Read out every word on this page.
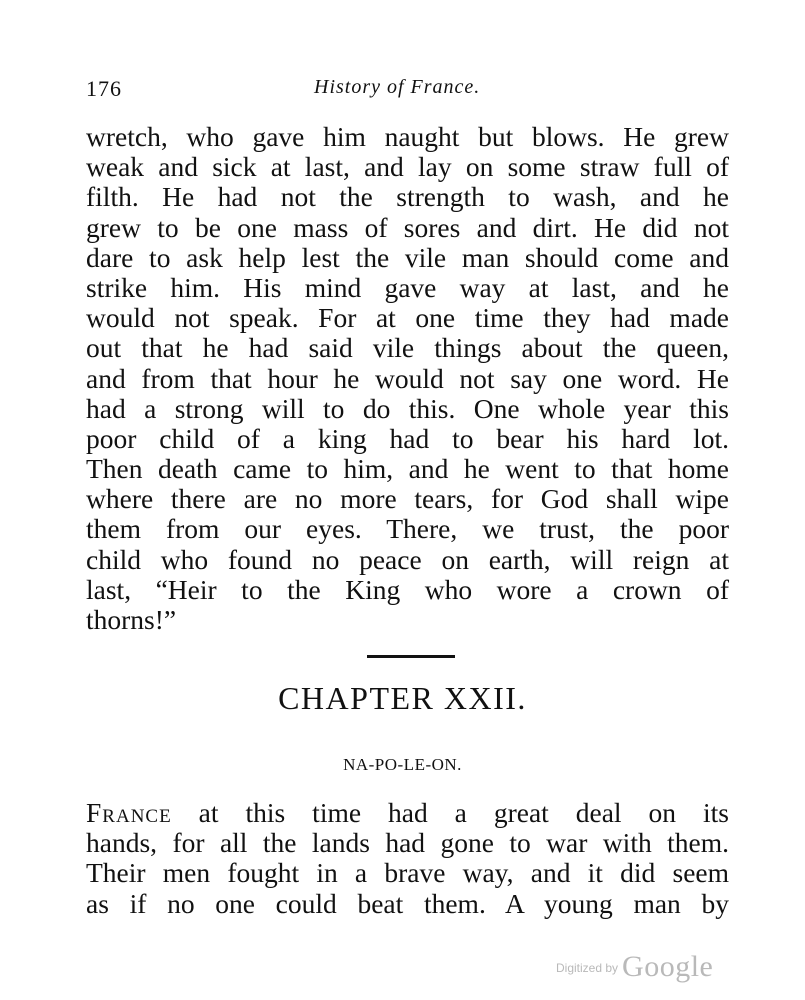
176	History of France.
wretch, who gave him naught but blows. He grew
weak and sick at last, and lay on some straw full of
filth. He had not the strength to wash, and he
grew to be one mass of sores and dirt. He did not
dare to ask help lest the vile man should come and
strike him. His mind gave way at last, and he
would not speak. For at one time they had made
out that he had said vile things about the queen,
and from that hour he would not say one word. He
had a strong will to do this. One whole year this
poor child of a king had to bear his hard lot.
Then death came to him, and he went to that home
where there are no more tears, for God shall wipe
them from our eyes. There, we trust, the poor
child who found no peace on earth, will reign at
last, “Heir to the King who wore a crown of
thorns!”
CHAPTER XXII.
NA-PO-LE-ON.
France at this time had a great deal on its
hands, for all the lands had gone to war with them.
Their men fought in a brave way, and it did seem
as if no one could beat them. A young man by
$^{Digitized by}$ Google
